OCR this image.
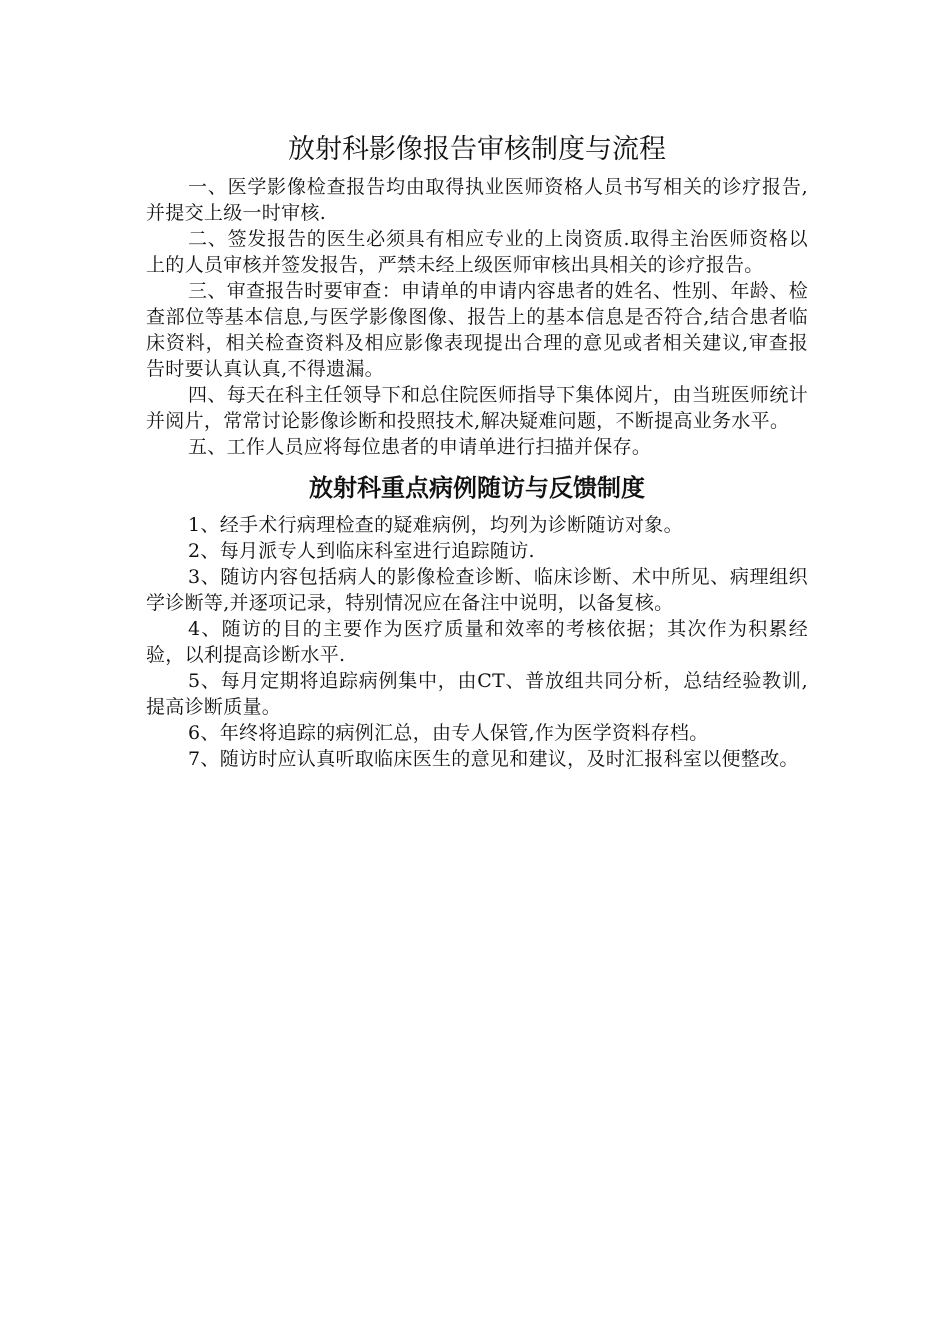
放射科影像报告审核制度与流程

一、医学影像检查报告均由取得执业医师资格人员书写相关的诊疗报告,并提交上级一时审核.

二、签发报告的医生必须具有相应专业的上岗资质.取得主治医师资格以上的人员审核并签发报告，严禁未经上级医师审核出具相关的诊疗报告。

三、审查报告时要审查：申请单的申请内容患者的姓名、性别、年龄、检查部位等基本信息,与医学影像图像、报告上的基本信息是否符合,结合患者临床资料，相关检查资料及相应影像表现提出合理的意见或者相关建议,审查报告时要认真认真,不得遗漏。

四、每天在科主任领导下和总住院医师指导下集体阅片，由当班医师统计并阅片，常常讨论影像诊断和投照技术,解决疑难问题，不断提高业务水平。

五、工作人员应将每位患者的申请单进行扫描并保存。

放射科重点病例随访与反馈制度

1、经手术行病理检查的疑难病例，均列为诊断随访对象。

2、每月派专人到临床科室进行追踪随访.

3、随访内容包括病人的影像检查诊断、临床诊断、术中所见、病理组织学诊断等,并逐项记录，特别情况应在备注中说明，以备复核。

4、随访的目的主要作为医疗质量和效率的考核依据；其次作为积累经验，以利提高诊断水平.

5、每月定期将追踪病例集中，由CT、普放组共同分析，总结经验教训,提高诊断质量。

6、年终将追踪的病例汇总，由专人保管,作为医学资料存档。

7、随访时应认真听取临床医生的意见和建议，及时汇报科室以便整改。
